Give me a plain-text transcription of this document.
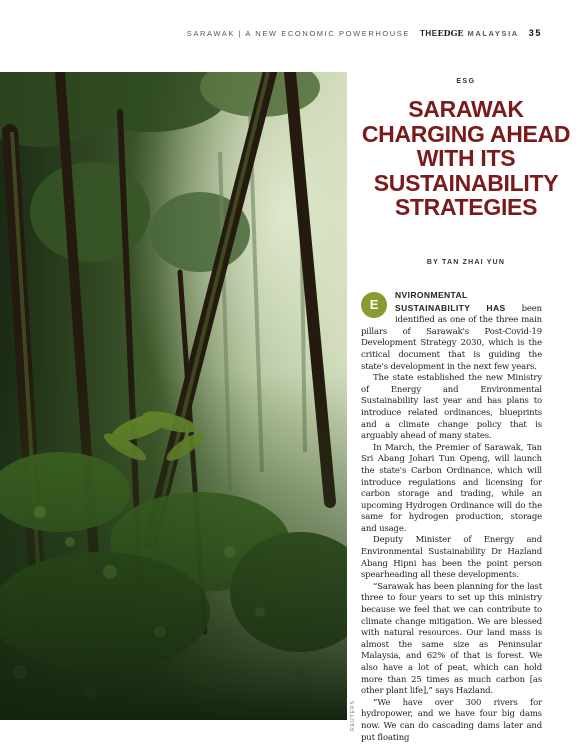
SARAWAK | A NEW ECONOMIC POWERHOUSE THEEDGE MALAYSIA 35
REUTERS
ESG
SARAWAK CHARGING AHEAD WITH ITS SUSTAINABILITY STRATEGIES
BY TAN ZHAI YUN

E
NVIRONMENTAL SUSTAINABILITY HAS been identified as one of the three main pillars of Sarawak's Post-Covid-19 Development Strategy 2030, which is the critical document that is guiding the state's development in the next few years.

The state established the new Ministry of Energy and Environmental Sustainability last year and has plans to introduce related ordinances, blueprints and a climate change policy that is arguably ahead of many states.

In March, the Premier of Sarawak, Tan Sri Abang Johari Tun Openg, will launch the state's Carbon Ordinance, which will introduce regulations and licensing for carbon storage and trading, while an upcoming Hydrogen Ordinance will do the same for hydrogen production, storage and usage.

Deputy Minister of Energy and Environmental Sustainability Dr Hazland Abang Hipni has been the point person spearheading all these developments.

“Sarawak has been planning for the last three to four years to set up this ministry because we feel that we can contribute to climate change mitigation. We are blessed with natural resources. Our land mass is almost the same size as Peninsular Malaysia, and 62% of that is forest. We also have a lot of peat, which can hold more than 25 times as much carbon [as other plant life],” says Hazland.

“We have over 300 rivers for hydropower, and we have four big dams now. We can do cascading dams later and put floating
